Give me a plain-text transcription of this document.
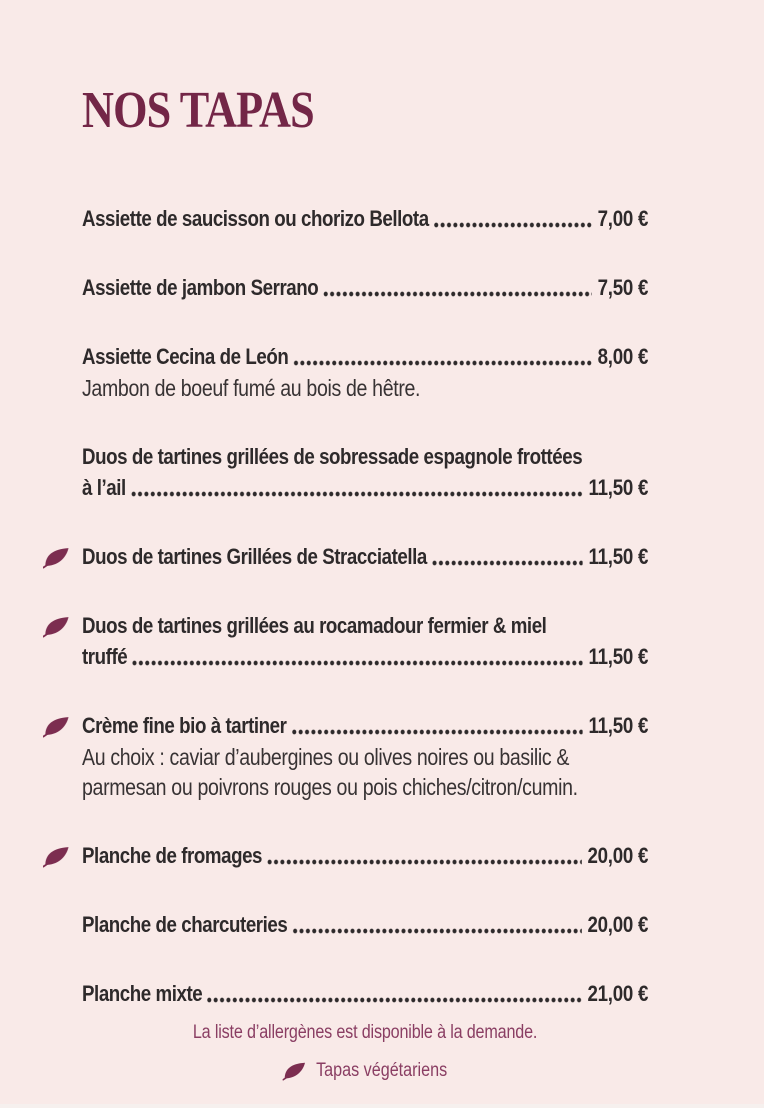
NOS TAPAS
Assiette de saucisson ou chorizo Bellota	7,00 €
Assiette de jambon Serrano	7,50 €
Assiette Cecina de León	8,00 €
Jambon de boeuf fumé au bois de hêtre.
Duos de tartines grillées de sobressade espagnole frottées
à l’ail	11,50 €
Duos de tartines Grillées de Stracciatella	11,50 €
Duos de tartines grillées au rocamadour fermier & miel
truffé	11,50 €
Crème fine bio à tartiner	11,50 €
Au choix : caviar d’aubergines ou olives noires ou basilic & parmesan ou poivrons rouges ou pois chiches/citron/cumin.
Planche de fromages	20,00 €
Planche de charcuteries	20,00 €
Planche mixte	21,00 €
La liste d’allergènes est disponible à la demande.
Tapas végétariens
